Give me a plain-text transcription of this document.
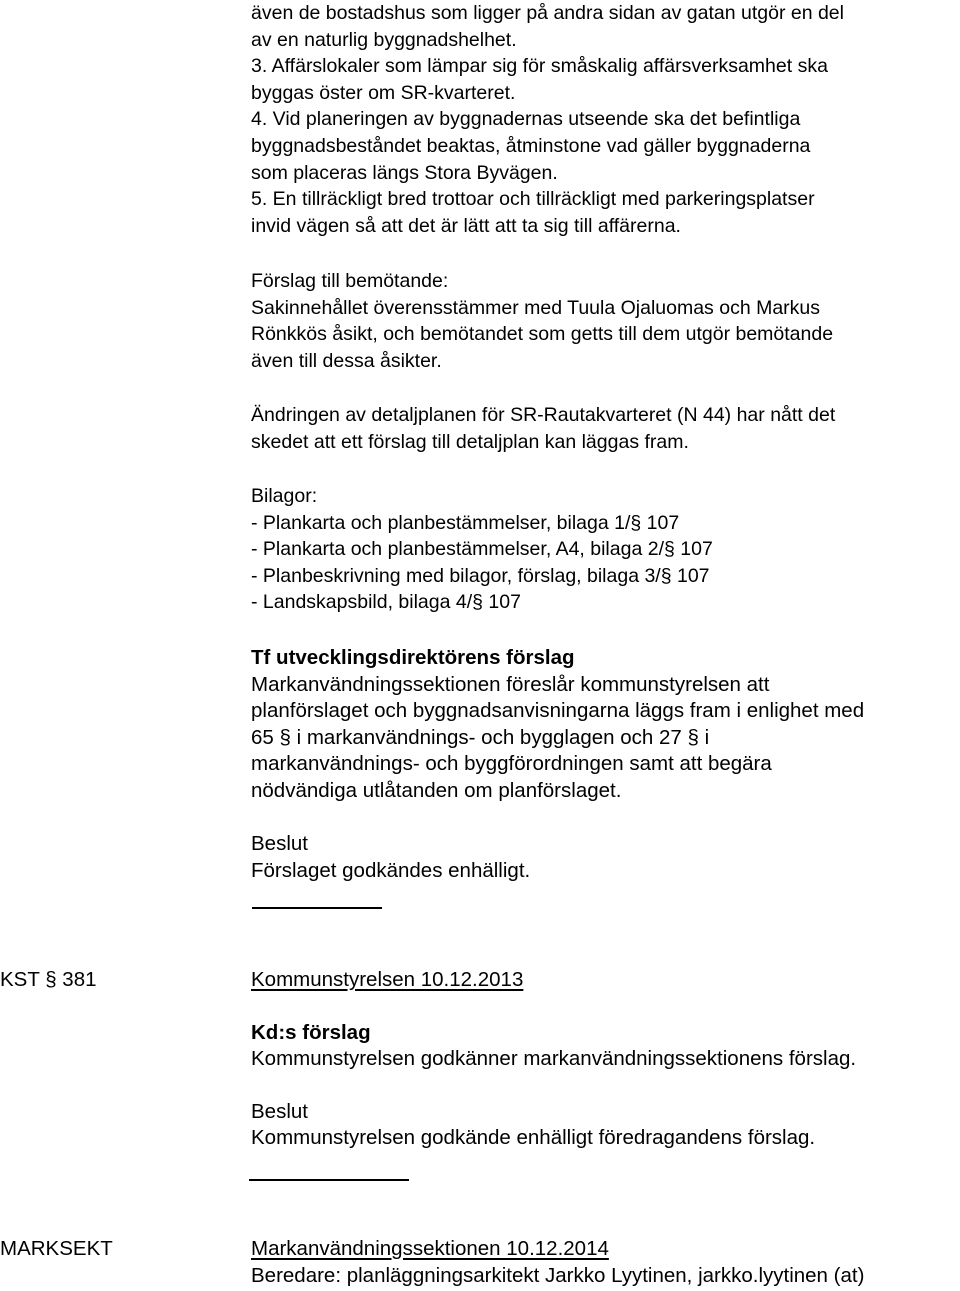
även de bostadshus som ligger på andra sidan av gatan utgör en del
av en naturlig byggnadshelhet.
3. Affärslokaler som lämpar sig för småskalig affärsverksamhet ska
byggas öster om SR-kvarteret.
4. Vid planeringen av byggnadernas utseende ska det befintliga
byggnadsbeståndet beaktas, åtminstone vad gäller byggnaderna
som placeras längs Stora Byvägen.
5. En tillräckligt bred trottoar och tillräckligt med parkeringsplatser
invid vägen så att det är lätt att ta sig till affärerna.
Förslag till bemötande:
Sakinnehållet överensstämmer med Tuula Ojaluomas och Markus
Rönkkös åsikt, och bemötandet som getts till dem utgör bemötande
även till dessa åsikter.
Ändringen av detaljplanen för SR-Rautakvarteret (N 44) har nått det
skedet att ett förslag till detaljplan kan läggas fram.
Bilagor:
- Plankarta och planbestämmelser, bilaga 1/§ 107
- Plankarta och planbestämmelser, A4, bilaga 2/§ 107
- Planbeskrivning med bilagor, förslag, bilaga 3/§ 107
- Landskapsbild, bilaga 4/§ 107
Tf utvecklingsdirektörens förslag
Markanvändningssektionen föreslår kommunstyrelsen att
planförslaget och byggnadsanvisningarna läggs fram i enlighet med
65 § i markanvändnings- och bygglagen och 27 § i
markanvändnings- och byggförordningen samt att begära
nödvändiga utlåtanden om planförslaget.
Beslut
Förslaget godkändes enhälligt.
KST § 381	Kommunstyrelsen 10.12.2013
Kd:s förslag
Kommunstyrelsen godkänner markanvändningssektionens förslag.
Beslut
Kommunstyrelsen godkände enhälligt föredragandens förslag.
MARKSEKT	Markanvändningssektionen 10.12.2014
Beredare: planläggningsarkitekt Jarkko Lyytinen, jarkko.lyytinen (at)
